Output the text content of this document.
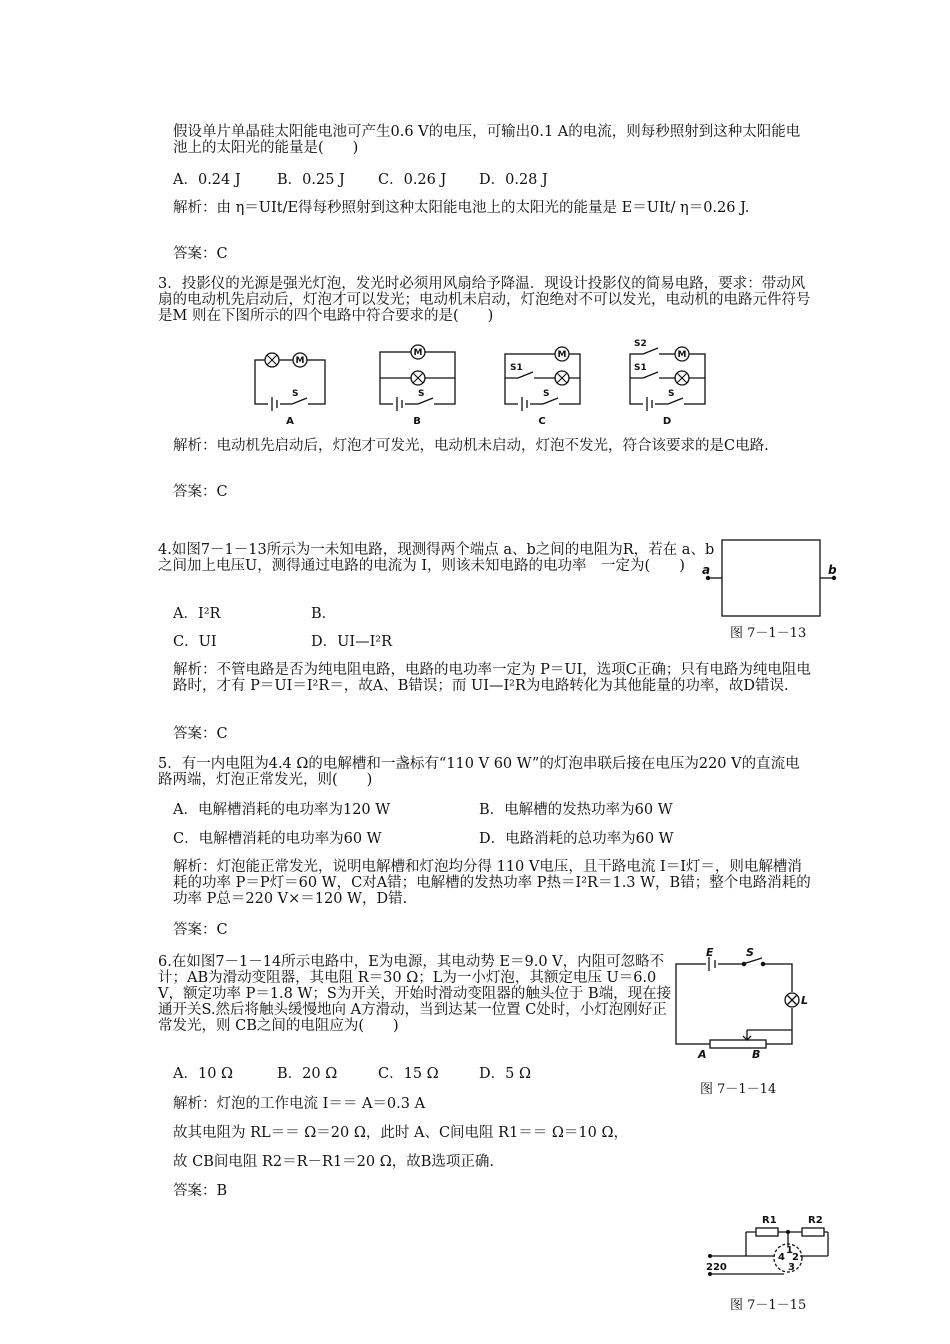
假设单片单晶硅太阳能电池可产生0.6 V的电压，可输出0.1 A的电流，则每秒照射到这种太阳能电池上的太阳光的能量是(　　)

A．0.24 J	B．0.25 J C．0.26 J D．0.28 J

解析：由 η＝UIt/E得每秒照射到这种太阳能电池上的太阳光的能量是 E＝UIt/ η＝0.26 J.

答案：C

3．投影仪的光源是强光灯泡，发光时必须用风扇给予降温．现设计投影仪的简易电路，要求：带动风扇的电动机先启动后，灯泡才可以发光；电动机未启动，灯泡绝对不可以发光，电动机的电路元件符号是M 则在下图所示的四个电路中符合要求的是(　　)

M
M	M	M
S	S	S
S1
S
S1
S2
A	B	C	D

解析：电动机先启动后，灯泡才可发光，电动机未启动，灯泡不发光，符合该要求的是C电路.

答案：C

4.如图7－1－13所示为一未知电路，现测得两个端点 a、b之间的电阻为R，若在 a、b之间加上电压U，测得通过电路的电流为 I，则该未知电路的电功率　一定为(　　)

A．I²R	B．
C．UI	D．UI—I²R
a	b
图 7－1－13

解析：不管电路是否为纯电阻电路，电路的电功率一定为 P＝UI，选项C正确；只有电路为纯电阻电路时，才有 P＝UI＝I²R＝，故A、B错误；而 UI—I²R为电路转化为其他能量的功率，故D错误.

答案：C

5．有一内电阻为4.4 Ω的电解槽和一盏标有“110 V 60 W”的灯泡串联后接在电压为220 V的直流电路两端，灯泡正常发光，则(　　)

A．电解槽消耗的电功率为120 W	B．电解槽的发热功率为60 W
C．电解槽消耗的电功率为60 W	D．电路消耗的总功率为60 W

解析：灯泡能正常发光，说明电解槽和灯泡均分得 110 V电压，且干路电流 I＝I灯＝，则电解槽消耗的功率 P＝P灯＝60 W，C对A错；电解槽的发热功率 P热＝I²R＝1.3 W，B错；整个电路消耗的功率 P总＝220 V×＝120 W，D错.

答案：C

6.在如图7－1－14所示电路中，E为电源，其电动势 E＝9.0 V，内阻可忽略不计；AB为滑动变阻器，其电阻 R＝30 Ω；L为一小灯泡，其额定电压 U＝6.0 V，额定功率 P＝1.8 W；S为开关，开始时滑动变阻器的触头位于 B端，现在接通开关S.然后将触头缓慢地向 A方滑动，当到达某一位置 C处时，小灯泡刚好正常发光，则 CB之间的电阻应为(　　)

A．10 Ω	B．20 Ω	C．15 Ω	D．5 Ω
E	S
L
A	B
图 7－1－14

解析：灯泡的工作电流 I＝＝ A＝0.3 A

故其电阻为 RL＝＝ Ω＝20 Ω，此时 A、C间电阻 R1＝＝ Ω＝10 Ω，

故 CB间电阻 R2＝R－R1＝20 Ω，故B选项正确.

答案：B

R1	R2
1
2
3
4
220
图 7－1－15
